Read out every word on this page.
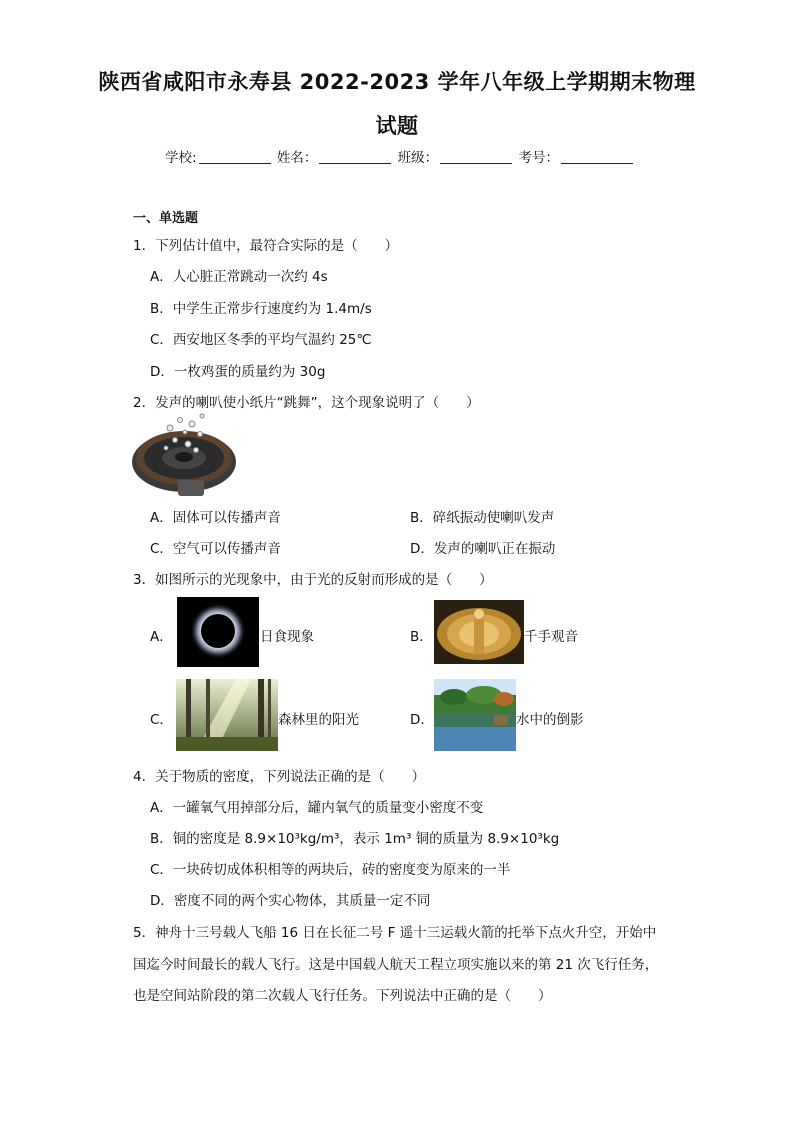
陕西省咸阳市永寿县 2022-2023 学年八年级上学期期末物理
试题
学校:	姓名：	班级：	考号：
一、单选题
1．下列估计值中，最符合实际的是（　　）
A．人心脏正常跳动一次约 4s
B．中学生正常步行速度约为 1.4m/s
C．西安地区冬季的平均气温约 25℃
D．一枚鸡蛋的质量约为 30g
2．发声的喇叭使小纸片“跳舞”，这个现象说明了（　　）
A．固体可以传播声音	B．碎纸振动使喇叭发声
C．空气可以传播声音	D．发声的喇叭正在振动
3．如图所示的光现象中，由于光的反射而形成的是（　　）
A．	日食现象	B．	千手观音
C．	森林里的阳光	D．	水中的倒影
4．关于物质的密度，下列说法正确的是（　　）
A．一罐氧气用掉部分后，罐内氧气的质量变小密度不变
B．铜的密度是 8.9×10³kg/m³，表示 1m³ 铜的质量为 8.9×10³kg
C．一块砖切成体积相等的两块后，砖的密度变为原来的一半
D．密度不同的两个实心物体，其质量一定不同
5．神舟十三号载人飞船 16 日在长征二号 F 遥十三运载火箭的托举下点火升空，开始中
国迄今时间最长的载人飞行。这是中国载人航天工程立项实施以来的第 21 次飞行任务，
也是空间站阶段的第二次载人飞行任务。下列说法中正确的是（　　）
